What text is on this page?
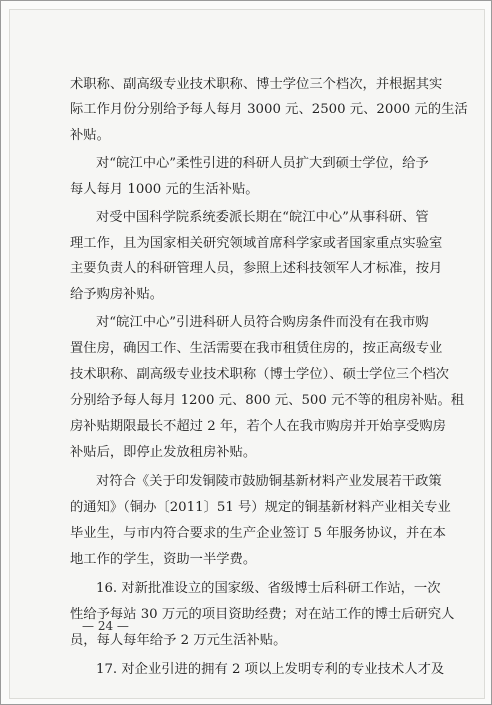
术职称、副高级专业技术职称、博士学位三个档次，并根据其实
际工作月份分别给予每人每月 3000 元、2500 元、2000 元的生活
补贴。
对“皖江中心”柔性引进的科研人员扩大到硕士学位，给予
每人每月 1000 元的生活补贴。
对受中国科学院系统委派长期在“皖江中心”从事科研、管
理工作，且为国家相关研究领域首席科学家或者国家重点实验室
主要负责人的科研管理人员，参照上述科技领军人才标准，按月
给予购房补贴。
对“皖江中心”引进科研人员符合购房条件而没有在我市购
置住房，确因工作、生活需要在我市租赁住房的，按正高级专业
技术职称、副高级专业技术职称（博士学位）、硕士学位三个档次
分别给予每人每月 1200 元、800 元、500 元不等的租房补贴。租
房补贴期限最长不超过 2 年，若个人在我市购房并开始享受购房
补贴后，即停止发放租房补贴。
对符合《关于印发铜陵市鼓励铜基新材料产业发展若干政策
的通知》（铜办〔2011〕51 号）规定的铜基新材料产业相关专业
毕业生，与市内符合要求的生产企业签订 5 年服务协议，并在本
地工作的学生，资助一半学费。
16. 对新批准设立的国家级、省级博士后科研工作站，一次
性给予每站 30 万元的项目资助经费；对在站工作的博士后研究人
员，每人每年给予 2 万元生活补贴。
17. 对企业引进的拥有 2 项以上发明专利的专业技术人才及
— 24 —
